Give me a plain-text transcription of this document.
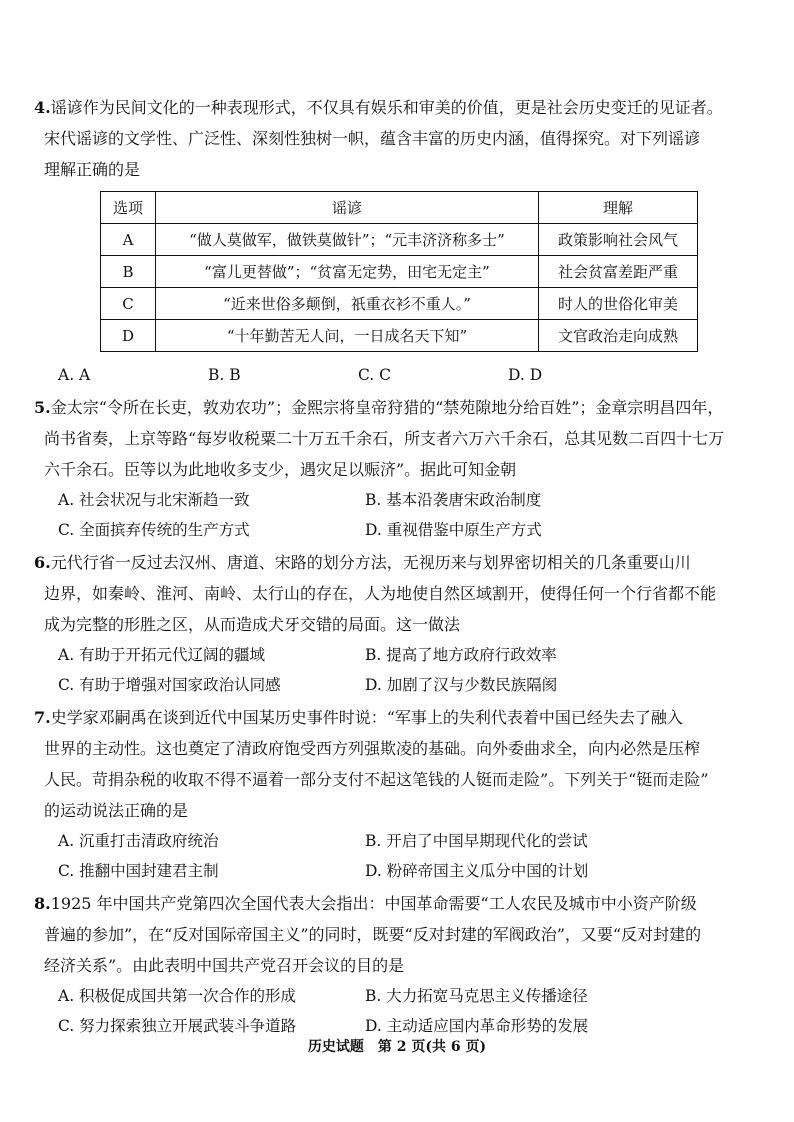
4.谣谚作为民间文化的一种表现形式，不仅具有娱乐和审美的价值，更是社会历史变迁的见证者。

宋代谣谚的文学性、广泛性、深刻性独树一帜，蕴含丰富的历史内涵，值得探究。对下列谣谚

理解正确的是

选项	谣谚	理解
A	“做人莫做军，做铁莫做针”；“元丰济济称多士”	政策影响社会风气
B	“富儿更替做”；“贫富无定势，田宅无定主”	社会贫富差距严重
C	“近来世俗多颠倒，祇重衣衫不重人。”	时人的世俗化审美
D	“十年勤苦无人问，一日成名天下知”	文官政治走向成熟
A. A	B. B	C. C	D. D

5.金太宗“令所在长吏，敦劝农功”；金熙宗将皇帝狩猎的“禁苑隙地分给百姓”；金章宗明昌四年，

尚书省奏，上京等路“每岁收税粟二十万五千余石，所支者六万六千余石，总其见数二百四十七万

六千余石。臣等以为此地收多支少，遇灾足以赈济”。据此可知金朝

A. 社会状况与北宋渐趋一致	B. 基本沿袭唐宋政治制度
C. 全面摈弃传统的生产方式	D. 重视借鉴中原生产方式

6.元代行省一反过去汉州、唐道、宋路的划分方法，无视历来与划界密切相关的几条重要山川

边界，如秦岭、淮河、南岭、太行山的存在，人为地使自然区域割开，使得任何一个行省都不能

成为完整的形胜之区，从而造成犬牙交错的局面。这一做法

A. 有助于开拓元代辽阔的疆域	B. 提高了地方政府行政效率
C. 有助于增强对国家政治认同感	D. 加剧了汉与少数民族隔阂

7.史学家邓嗣禹在谈到近代中国某历史事件时说：“军事上的失利代表着中国已经失去了融入

世界的主动性。这也奠定了清政府饱受西方列强欺凌的基础。向外委曲求全，向内必然是压榨

人民。苛捐杂税的收取不得不逼着一部分支付不起这笔钱的人铤而走险”。下列关于“铤而走险”

的运动说法正确的是

A. 沉重打击清政府统治	B. 开启了中国早期现代化的尝试
C. 推翻中国封建君主制	D. 粉碎帝国主义瓜分中国的计划

8.1925 年中国共产党第四次全国代表大会指出：中国革命需要“工人农民及城市中小资产阶级

普遍的参加”，在“反对国际帝国主义”的同时，既要“反对封建的军阀政治”，又要“反对封建的

经济关系”。由此表明中国共产党召开会议的目的是

A. 积极促成国共第一次合作的形成	B. 大力拓宽马克思主义传播途径
C. 努力探索独立开展武装斗争道路	D. 主动适应国内革命形势的发展
历史试题　第 2 页(共 6 页)
